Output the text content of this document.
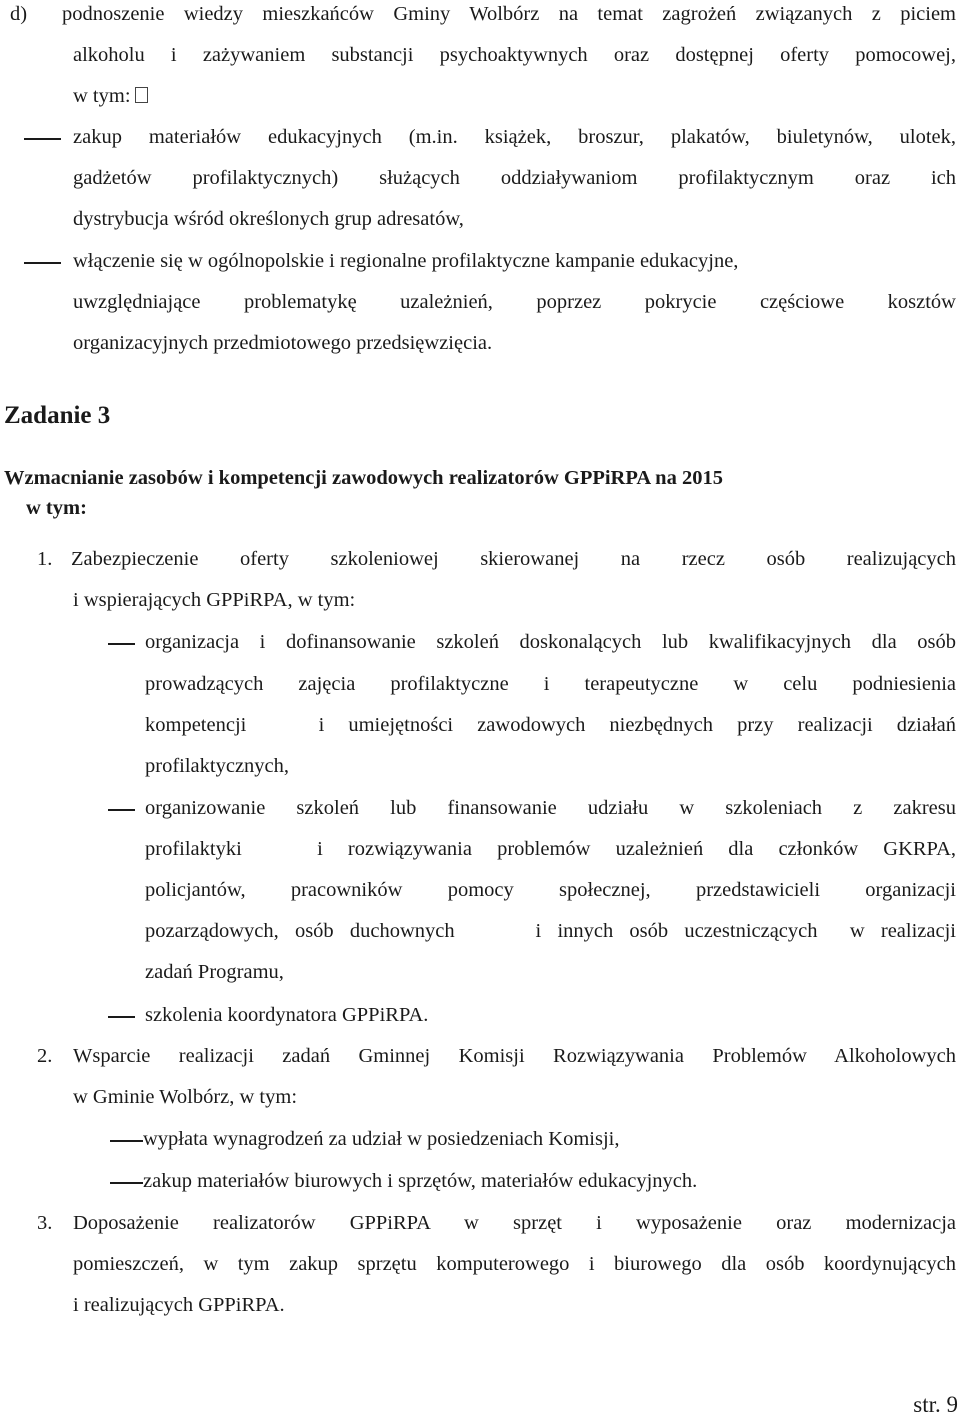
d) podnoszenie wiedzy mieszkańców Gminy Wolbórz na temat zagrożeń związanych z piciem
alkoholu i zażywaniem substancji psychoaktywnych oraz dostępnej oferty pomocowej,
w tym:
zakup materiałów edukacyjnych (m.in. książek, broszur, plakatów, biuletynów, ulotek,
gadżetów profilaktycznych) służących oddziaływaniom profilaktycznym oraz ich
dystrybucja wśród określonych grup adresatów,
włączenie się w ogólnopolskie i regionalne profilaktyczne kampanie edukacyjne,
uwzględniające problematykę uzależnień, poprzez pokrycie częściowe kosztów
organizacyjnych przedmiotowego przedsięwzięcia.
Zadanie 3
Wzmacnianie zasobów i kompetencji zawodowych realizatorów GPPiRPA na 2015
w tym:
1. Zabezpieczenie oferty szkoleniowej skierowanej na rzecz osób realizujących
i wspierających GPPiRPA, w tym:
organizacja i dofinansowanie szkoleń doskonalących lub kwalifikacyjnych dla osób
prowadzących zajęcia profilaktyczne i terapeutyczne w celu podniesienia
kompetencji   i umiejętności zawodowych niezbędnych przy realizacji działań
profilaktycznych,
organizowanie szkoleń lub finansowanie udziału w szkoleniach z zakresu
profilaktyki   i rozwiązywania problemów uzależnień dla członków GKRPA,
policjantów, pracowników pomocy społecznej, przedstawicieli organizacji
pozarządowych, osób duchownych     i innych osób uczestniczących  w realizacji
zadań Programu,
szkolenia koordynatora GPPiRPA.
2. Wsparcie realizacji zadań Gminnej Komisji Rozwiązywania Problemów Alkoholowych
w Gminie Wolbórz, w tym:
wypłata wynagrodzeń za udział w posiedzeniach Komisji,
zakup materiałów biurowych i sprzętów, materiałów edukacyjnych.
3. Doposażenie realizatorów GPPiRPA w sprzęt i wyposażenie oraz modernizacja
pomieszczeń, w tym zakup sprzętu komputerowego i biurowego dla osób koordynujących
i realizujących GPPiRPA.
str. 9
